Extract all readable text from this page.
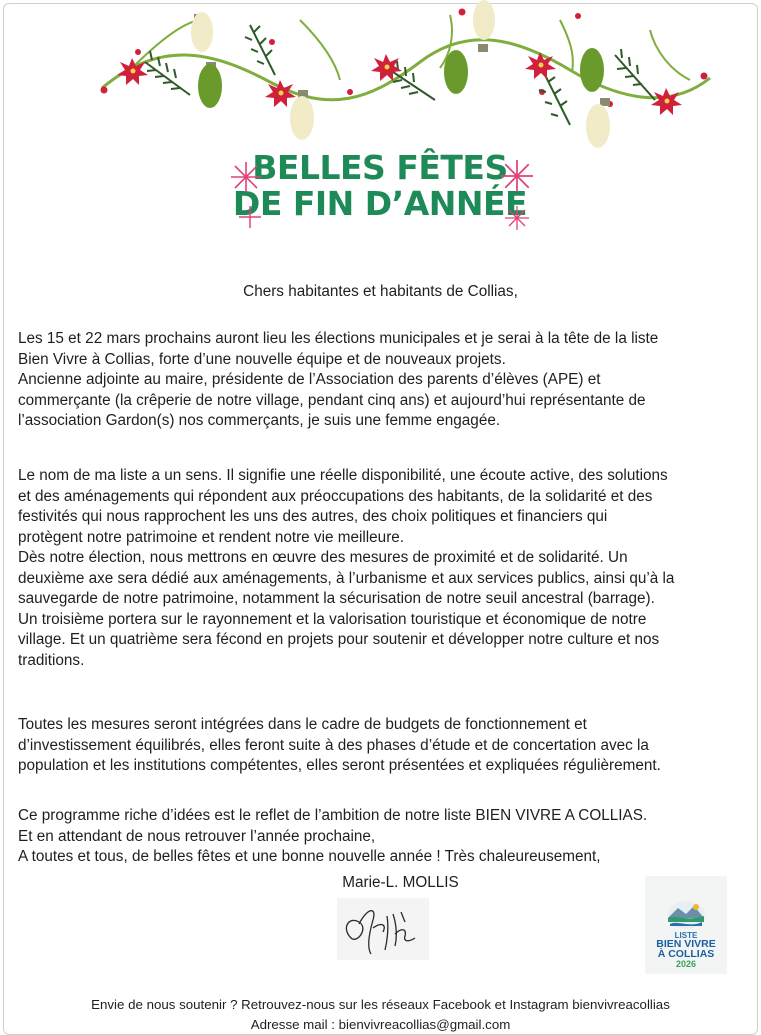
BELLES FÊTES
DE FIN D’ANNÉE
Chers habitantes et habitants de Collias,
Les 15 et 22 mars prochains auront lieu les élections municipales et je serai à la tête de la liste
Bien Vivre à Collias, forte d’une nouvelle équipe et de nouveaux projets.
Ancienne adjointe au maire, présidente de l’Association des parents d’élèves (APE) et
commerçante (la crêperie de notre village, pendant cinq ans) et aujourd’hui représentante de
l’association Gardon(s) nos commerçants, je suis une femme engagée.
Le nom de ma liste a un sens. Il signifie une réelle disponibilité, une écoute active, des solutions
et des aménagements qui répondent aux préoccupations des habitants, de la solidarité et des
festivités qui nous rapprochent les uns des autres, des choix politiques et financiers qui
protègent notre patrimoine et rendent notre vie meilleure.
Dès notre élection, nous mettrons en œuvre des mesures de proximité et de solidarité. Un
deuxième axe sera dédié aux aménagements, à l’urbanisme et aux services publics, ainsi qu’à la
sauvegarde de notre patrimoine, notamment la sécurisation de notre seuil ancestral (barrage).
Un troisième portera sur le rayonnement et la valorisation touristique et économique de notre
village. Et un quatrième sera fécond en projets pour soutenir et développer notre culture et nos
traditions.
Toutes les mesures seront intégrées dans le cadre de budgets de fonctionnement et
d’investissement équilibrés, elles feront suite à des phases d’étude et de concertation avec la
population et les institutions compétentes, elles seront présentées et expliquées régulièrement.
Ce programme riche d’idées est le reflet de l’ambition de notre liste BIEN VIVRE A COLLIAS.
Et en attendant de nous retrouver l’année prochaine,
A toutes et tous, de belles fêtes et une bonne nouvelle année ! Très chaleureusement,
Marie-L. MOLLIS
LISTE
BIEN VIVRE
À COLLIAS
2026
Envie de nous soutenir ? Retrouvez-nous sur les réseaux Facebook et Instagram bienvivreacollias
Adresse mail : bienvivreacollias@gmail.com
